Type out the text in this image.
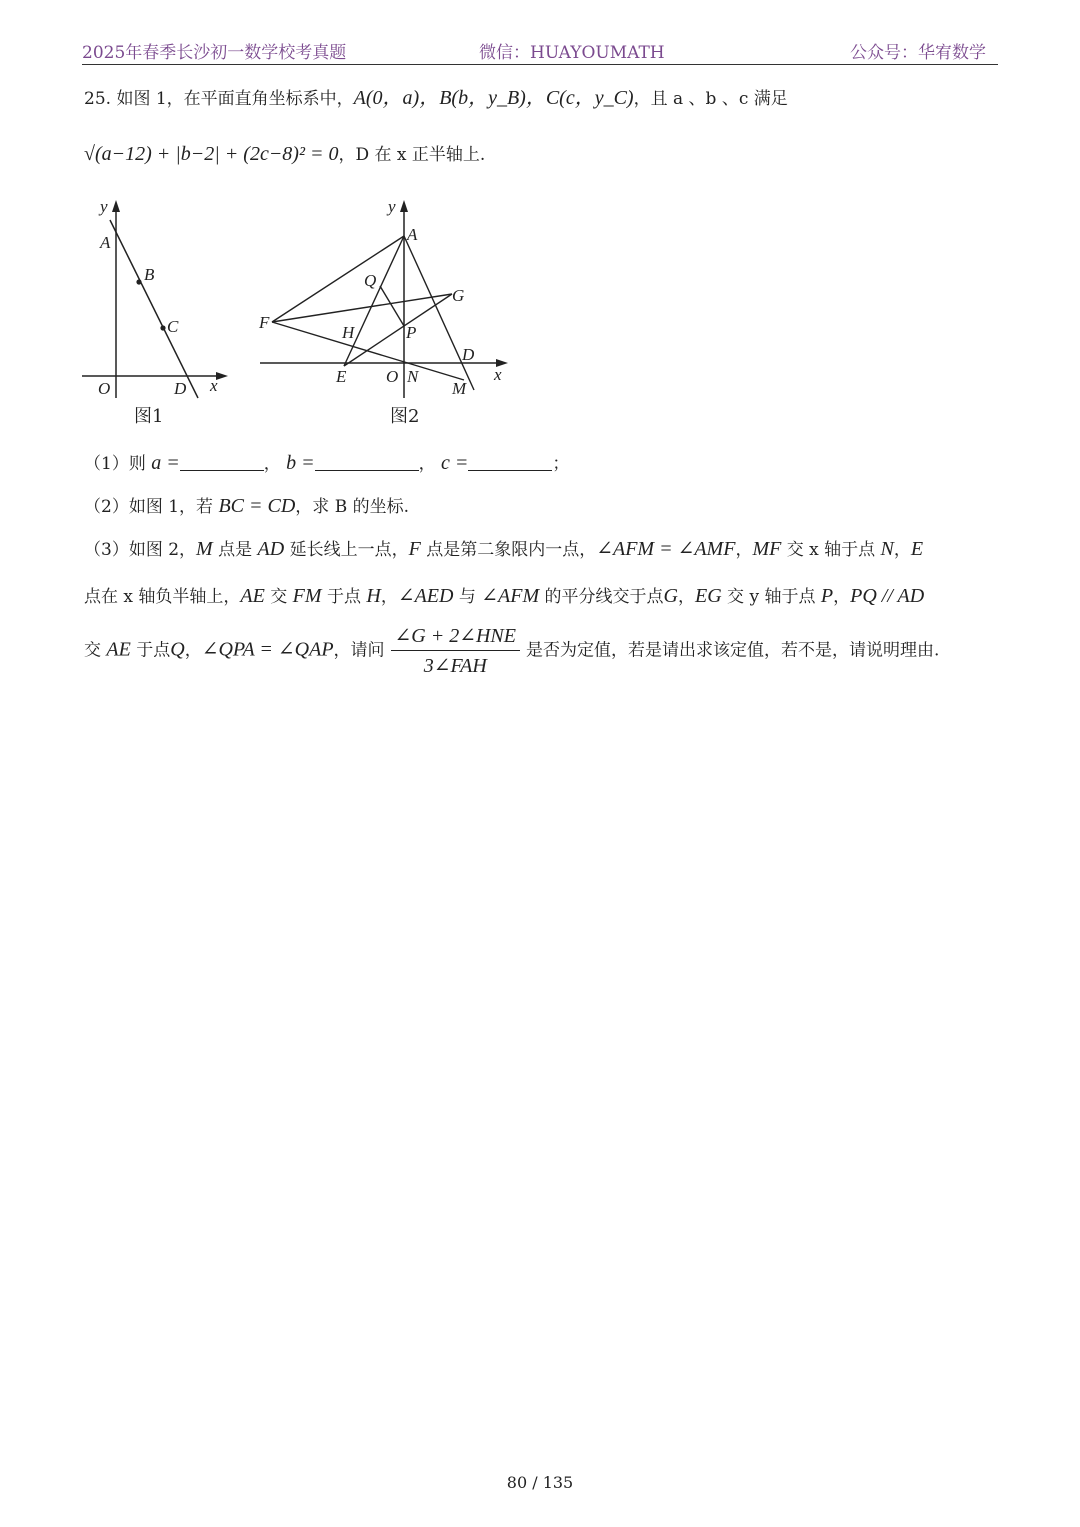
2025年春季长沙初一数学校考真题	微信：HUAYOUMATH	公众号：华宥数学
25. 如图 1，在平面直角坐标系中，A(0，a)，B(b，y_B)，C(c，y_C)，且 a 、b 、c 满足
√(a−12) + |b−2| + (2c−8)² = 0，D 在 x 正半轴上.
y
x
O
A
B
C
D
图1
y
x
O
A
Q
G
F
H	P
D
E	N
M
图2
（1）则 a =	， b =	， c =	；
（2）如图 1，若 BC = CD，求 B 的坐标.
（3）如图 2，M 点是 AD 延长线上一点，F 点是第二象限内一点，∠AFM = ∠AMF，MF 交 x 轴于点 N，E
点在 x 轴负半轴上，AE 交 FM 于点 H，∠AED 与 ∠AFM 的平分线交于点G，EG 交 y 轴于点 P，PQ // AD
交 AE 于点Q，∠QPA = ∠QAP，请问 $\frac{\text{∠G + 2∠HNE}}{\text{3∠FAH}}$ 是否为定值，若是请出求该定值，若不是，请说明理由.
80 / 135
